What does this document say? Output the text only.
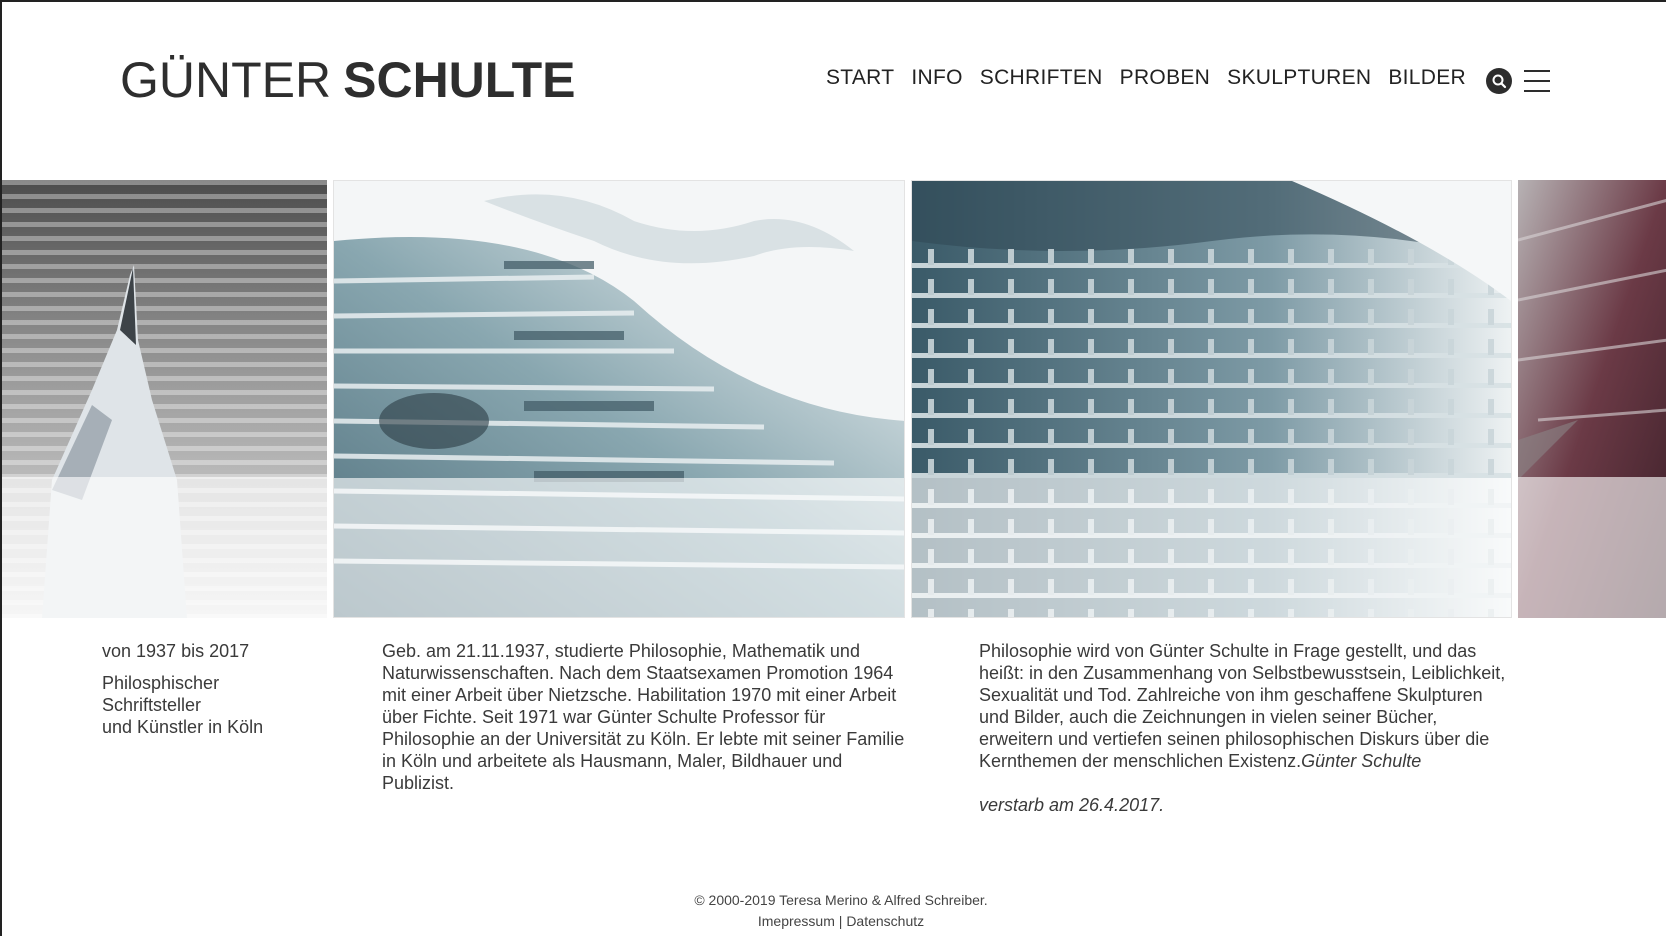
GÜNTER SCHULTE	START INFO SCHRIFTEN PROBEN SKULPTUREN BILDER

von 1937 bis 2017

Philosphischer

Schriftsteller

und Künstler in Köln

Geb. am 21.11.1937, studierte Philosophie, Mathematik und Naturwissenschaften. Nach dem Staatsexamen Promotion 1964 mit einer Arbeit über Nietzsche. Habilitation 1970 mit einer Arbeit über Fichte. Seit 1971 war Günter Schulte Professor für Philosophie an der Universität zu Köln. Er lebte mit seiner Familie in Köln und arbeitete als Hausmann, Maler, Bildhauer und Publizist.

Philosophie wird von Günter Schulte in Frage gestellt, und das heißt: in den Zusammenhang von Selbstbewusstsein, Leiblichkeit, Sexualität und Tod. Zahlreiche von ihm geschaffene Skulpturen und Bilder, auch die Zeichnungen in vielen seiner Bücher, erweitern und vertiefen seinen philosophischen Diskurs über die Kernthemen der menschlichen Existenz.Günter Schulte

verstarb am 26.4.2017.

© 2000-2019 Teresa Merino & Alfred Schreiber.
Imepressum | Datenschutz
